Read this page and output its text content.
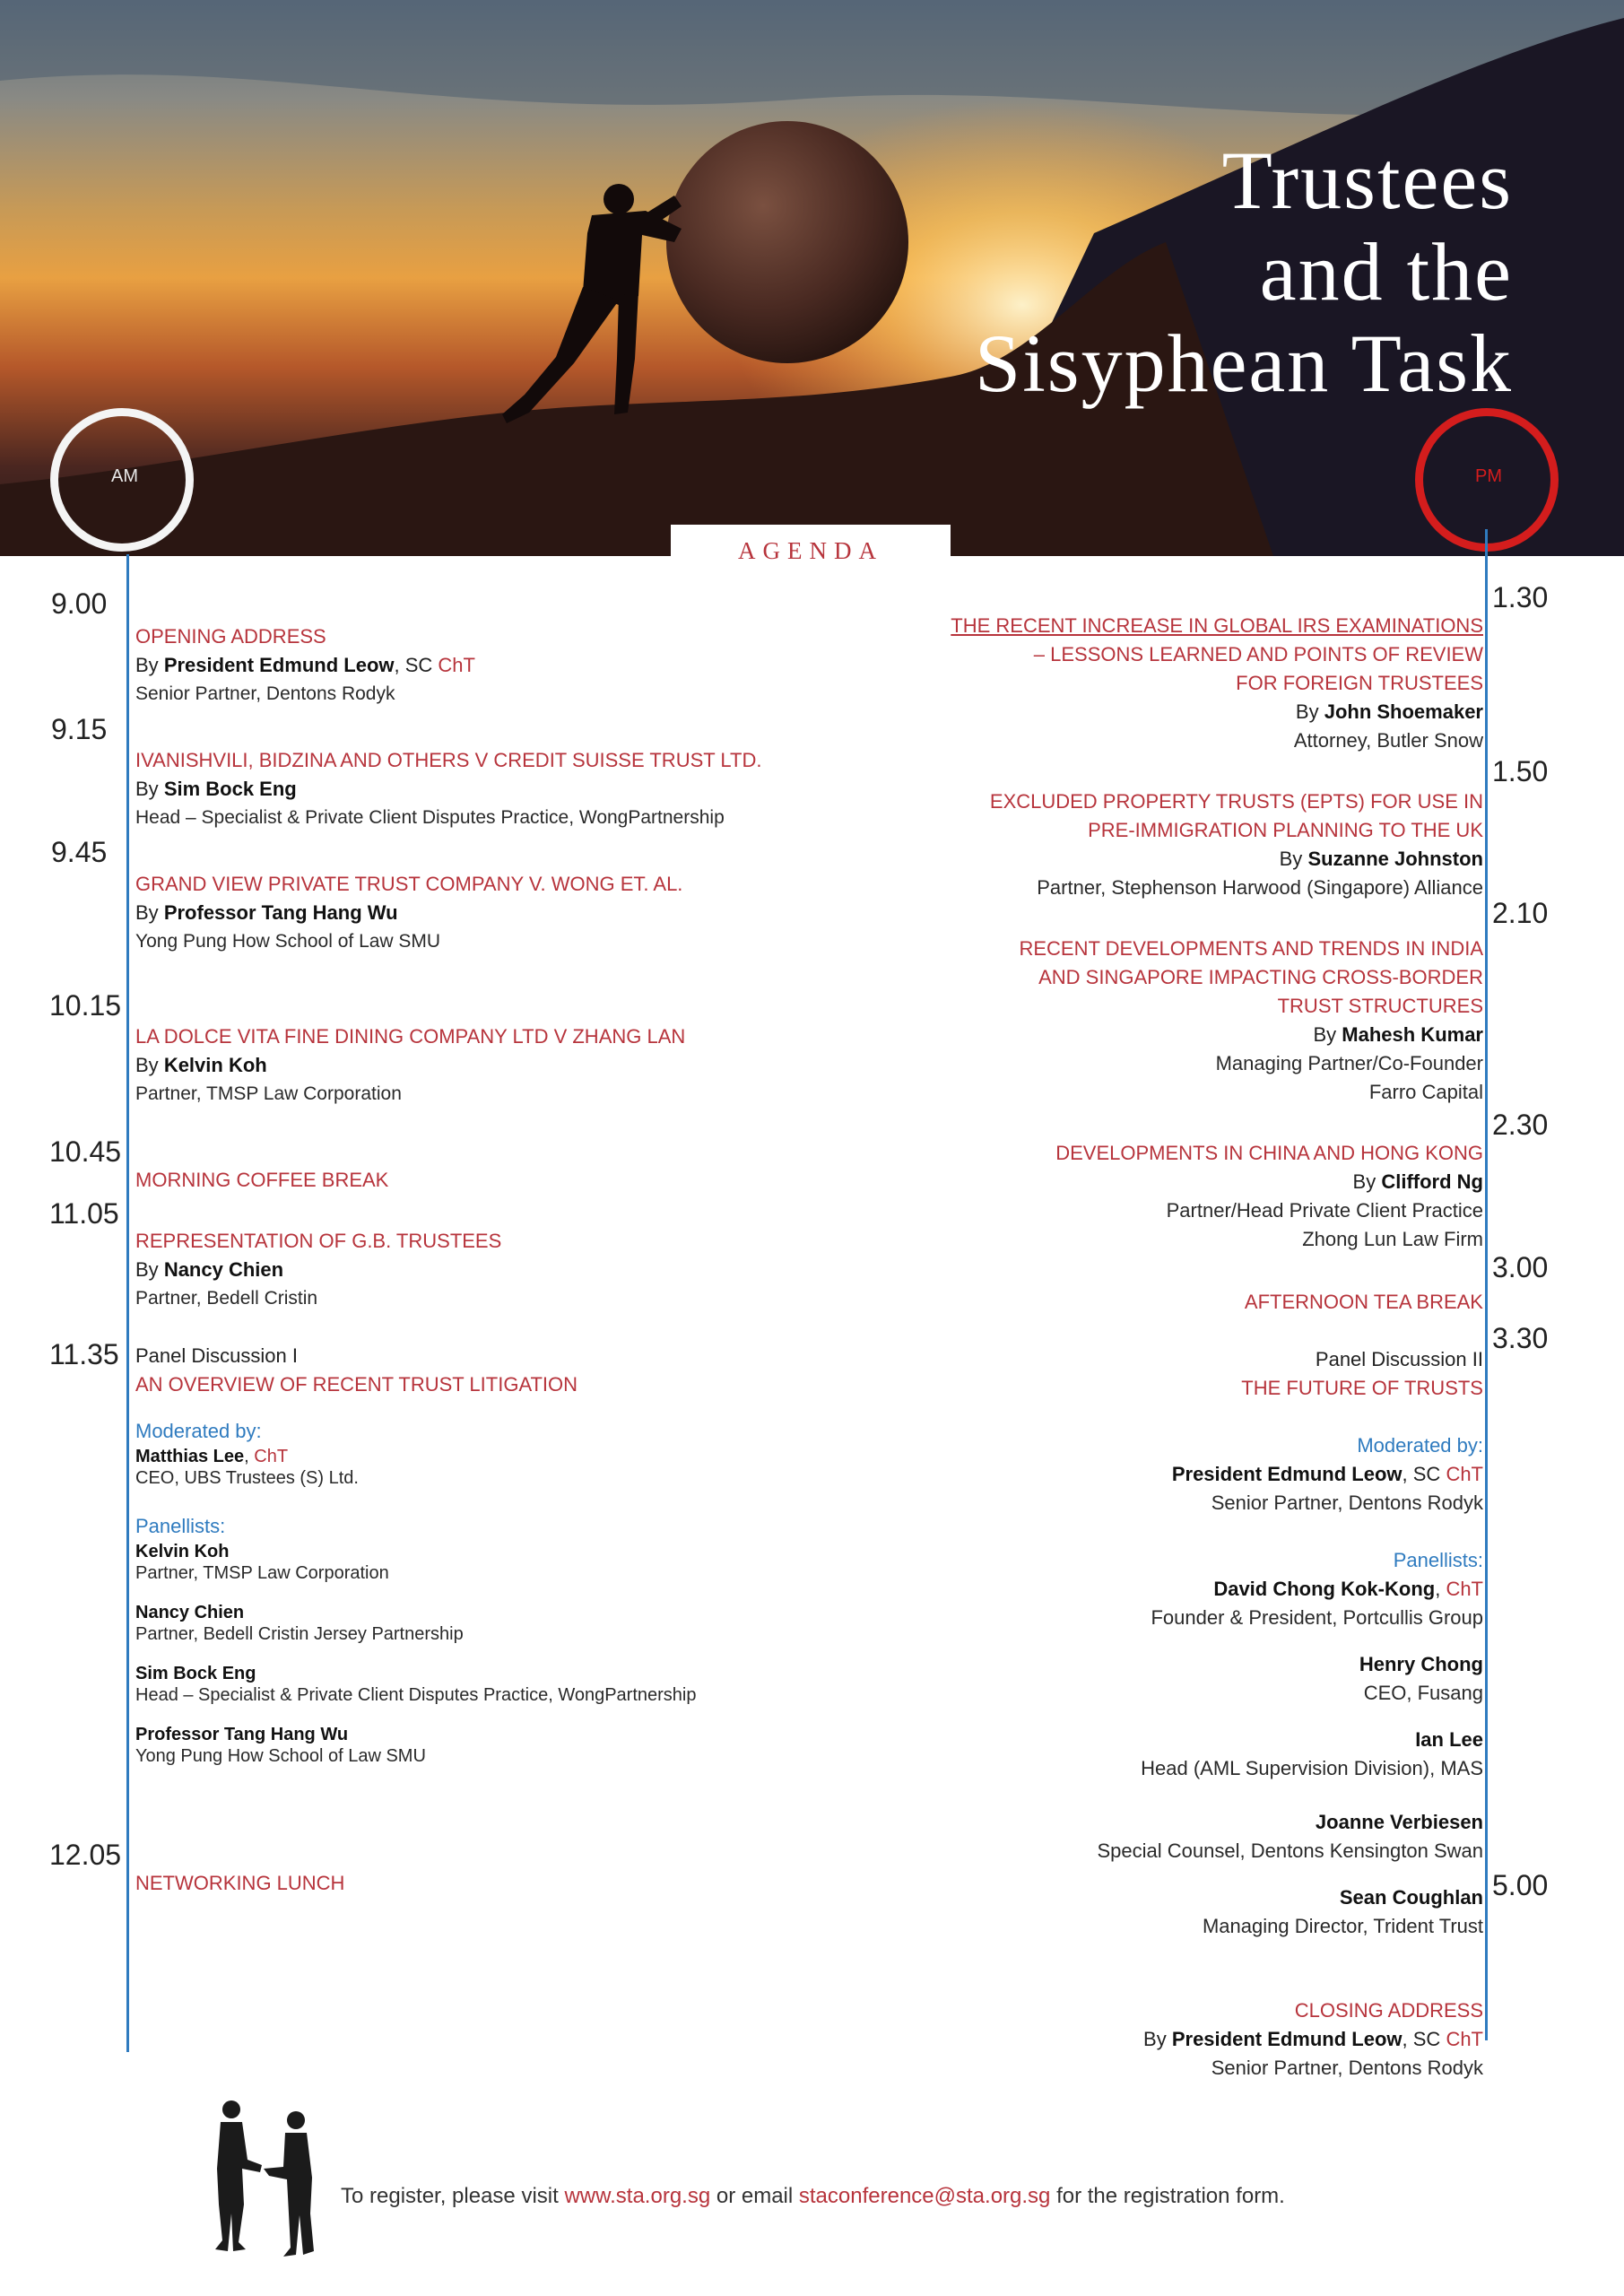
Trustees
and the
Sisyphean Task
AM	PM
AGENDA
9.00
9.15
9.45
10.15
10.45
11.05
11.35
12.05
OPENING ADDRESS
By President Edmund Leow, SC ChT
Senior Partner, Dentons Rodyk
IVANISHVILI, BIDZINA AND OTHERS V CREDIT SUISSE TRUST LTD.
By Sim Bock Eng
Head – Specialist & Private Client Disputes Practice, WongPartnership
GRAND VIEW PRIVATE TRUST COMPANY V. WONG ET. AL.
By Professor Tang Hang Wu
Yong Pung How School of Law SMU
LA DOLCE VITA FINE DINING COMPANY LTD V ZHANG LAN
By Kelvin Koh
Partner, TMSP Law Corporation
MORNING COFFEE BREAK
REPRESENTATION OF G.B. TRUSTEES
By Nancy Chien
Partner, Bedell Cristin
Panel Discussion I
AN OVERVIEW OF RECENT TRUST LITIGATION
Moderated by:
Matthias Lee, ChT
CEO, UBS Trustees (S) Ltd.
Panellists:
Kelvin Koh
Partner, TMSP Law Corporation
Nancy Chien
Partner, Bedell Cristin Jersey Partnership
Sim Bock Eng
Head – Specialist & Private Client Disputes Practice, WongPartnership
Professor Tang Hang Wu
Yong Pung How School of Law SMU
NETWORKING LUNCH
1.30
1.50
2.10
2.30
3.00
3.30
5.00
THE RECENT INCREASE IN GLOBAL IRS EXAMINATIONS
– LESSONS LEARNED AND POINTS OF REVIEW
FOR FOREIGN TRUSTEES
By John Shoemaker
Attorney, Butler Snow
EXCLUDED PROPERTY TRUSTS (EPTS) FOR USE IN
PRE-IMMIGRATION PLANNING TO THE UK
By Suzanne Johnston
Partner, Stephenson Harwood (Singapore) Alliance
RECENT DEVELOPMENTS AND TRENDS IN INDIA
AND SINGAPORE IMPACTING CROSS-BORDER
TRUST STRUCTURES
By Mahesh Kumar
Managing Partner/Co-Founder
Farro Capital
DEVELOPMENTS IN CHINA AND HONG KONG
By Clifford Ng
Partner/Head Private Client Practice
Zhong Lun Law Firm
AFTERNOON TEA BREAK
Panel Discussion II
THE FUTURE OF TRUSTS
Moderated by:
President Edmund Leow, SC ChT
Senior Partner, Dentons Rodyk
Panellists:
David Chong Kok-Kong, ChT
Founder & President, Portcullis Group
Henry Chong
CEO, Fusang
Ian Lee
Head (AML Supervision Division), MAS
Joanne Verbiesen
Special Counsel, Dentons Kensington Swan
Sean Coughlan
Managing Director, Trident Trust
CLOSING ADDRESS
By President Edmund Leow, SC ChT
Senior Partner, Dentons Rodyk
To register, please visit www.sta.org.sg or email staconference@sta.org.sg for the registration form.
